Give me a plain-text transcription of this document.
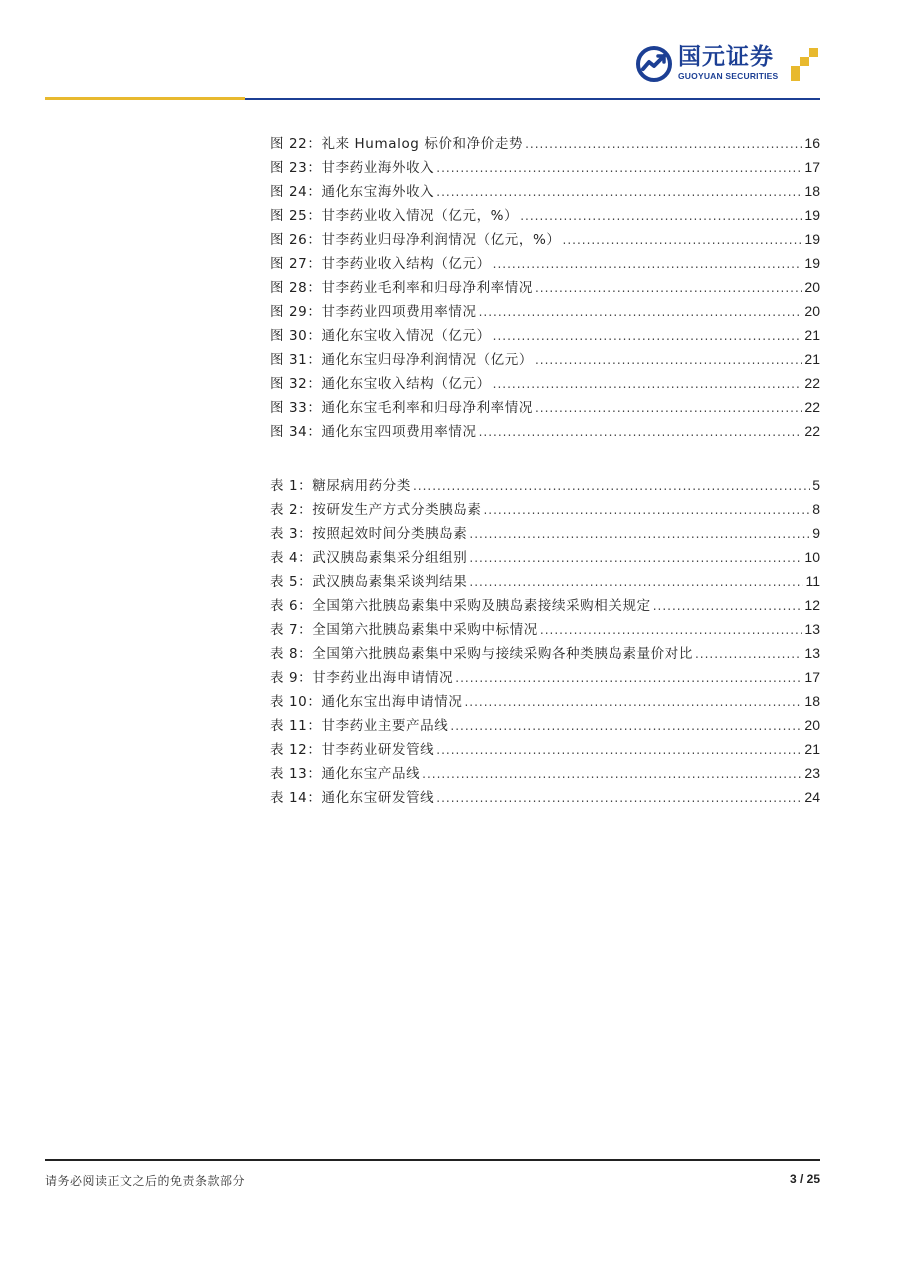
国元证券
GUOYUAN SECURITIES
图 22：礼来 Humalog 标价和净价走势 .....	16
图 23：甘李药业海外收入 .....	17
图 24：通化东宝海外收入 .....	18
图 25：甘李药业收入情况（亿元，%） .....	19
图 26：甘李药业归母净利润情况（亿元，%） .....	19
图 27：甘李药业收入结构（亿元） .....	19
图 28：甘李药业毛利率和归母净利率情况 .....	20
图 29：甘李药业四项费用率情况 .....	20
图 30：通化东宝收入情况（亿元） .....	21
图 31：通化东宝归母净利润情况（亿元） .....	21
图 32：通化东宝收入结构（亿元） .....	22
图 33：通化东宝毛利率和归母净利率情况 .....	22
图 34：通化东宝四项费用率情况 .....	22
表 1：糖尿病用药分类 .....	5
表 2：按研发生产方式分类胰岛素 .....	8
表 3：按照起效时间分类胰岛素 .....	9
表 4：武汉胰岛素集采分组组别 .....	10
表 5：武汉胰岛素集采谈判结果 .....	11
表 6：全国第六批胰岛素集中采购及胰岛素接续采购相关规定 .....	12
表 7：全国第六批胰岛素集中采购中标情况 .....	13
表 8：全国第六批胰岛素集中采购与接续采购各种类胰岛素量价对比 .....	13
表 9：甘李药业出海申请情况 .....	17
表 10：通化东宝出海申请情况 .....	18
表 11：甘李药业主要产品线 .....	20
表 12：甘李药业研发管线 .....	21
表 13：通化东宝产品线 .....	23
表 14：通化东宝研发管线 .....	24
请务必阅读正文之后的免责条款部分	3 / 25
